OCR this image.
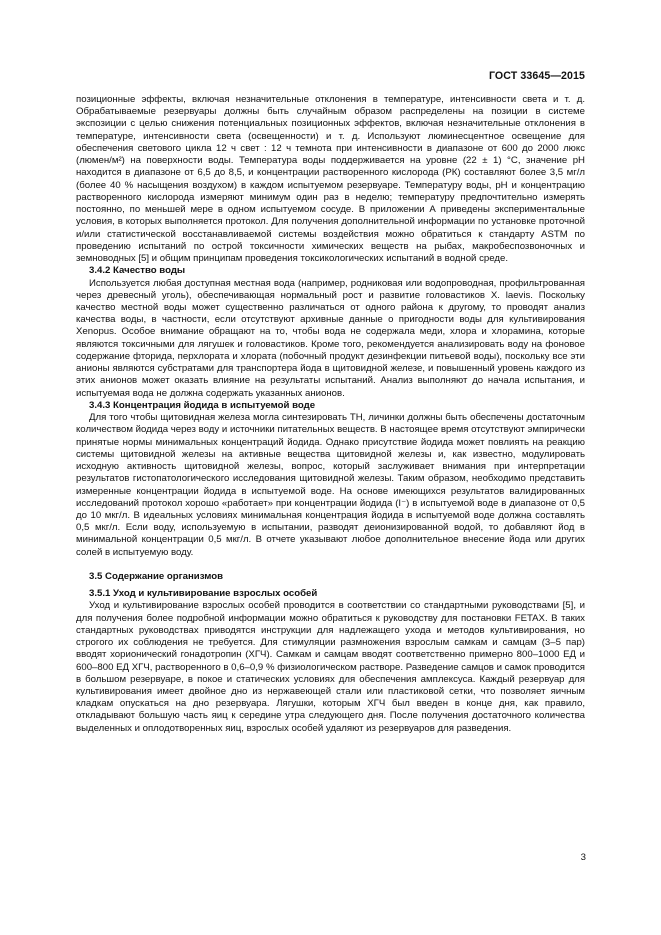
ГОСТ 33645—2015

позиционные эффекты, включая незначительные отклонения в температуре, интенсивности света и т. д. Обрабатываемые резервуары должны быть случайным образом распределены на позиции в системе экспозиции с целью снижения потенциальных позиционных эффектов, включая незначительные отклонения в температуре, интенсивности света (освещенности) и т. д. Используют люминесцентное освещение для обеспечения светового цикла 12 ч свет : 12 ч темнота при интенсивности в диапазоне от 600 до 2000 люкс (люмен/м²) на поверхности воды. Температура воды поддерживается на уровне (22 ± 1) °С, значение pH находится в диапазоне от 6,5 до 8,5, и концентрации растворенного кислорода (РК) составляют более 3,5 мг/л (более 40 % насыщения воздухом) в каждом испытуемом резервуаре. Температуру воды, pH и концентрацию растворенного кислорода измеряют минимум один раз в неделю; температуру предпочтительно измерять постоянно, по меньшей мере в одном испытуемом сосуде. В приложении А приведены экспериментальные условия, в которых выполняется протокол. Для получения дополнительной информации по установке проточной и/или статистической восстанавливаемой системы воздействия можно обратиться к стандарту ASTM по проведению испытаний по острой токсичности химических веществ на рыбах, макробеспозвоночных и земноводных [5] и общим принципам проведения токсикологических испытаний в водной среде.

3.4.2 Качество воды

Используется любая доступная местная вода (например, родниковая или водопроводная, профильтрованная через древесный уголь), обеспечивающая нормальный рост и развитие головастиков X. laevis. Поскольку качество местной воды может существенно различаться от одного района к другому, то проводят анализ качества воды, в частности, если отсутствуют архивные данные о пригодности воды для культивирования Xenopus. Особое внимание обращают на то, чтобы вода не содержала меди, хлора и хлорамина, которые являются токсичными для лягушек и головастиков. Кроме того, рекомендуется анализировать воду на фоновое содержание фторида, перхлората и хлората (побочный продукт дезинфекции питьевой воды), поскольку все эти анионы являются субстратами для транспортера йода в щитовидной железе, и повышенный уровень каждого из этих анионов может оказать влияние на результаты испытаний. Анализ выполняют до начала испытания, и испытуемая вода не должна содержать указанных анионов.

3.4.3 Концентрация йодида в испытуемой воде

Для того чтобы щитовидная железа могла синтезировать ТН, личинки должны быть обеспечены достаточным количеством йодида через воду и источники питательных веществ. В настоящее время отсутствуют эмпирически принятые нормы минимальных концентраций йодида. Однако присутствие йодида может повлиять на реакцию системы щитовидной железы на активные вещества щитовидной железы и, как известно, модулировать исходную активность щитовидной железы, вопрос, который заслуживает внимания при интерпретации результатов гистопатологического исследования щитовидной железы. Таким образом, необходимо представить измеренные концентрации йодида в испытуемой воде. На основе имеющихся результатов валидированных исследований протокол хорошо «работает» при концентрации йодида (I⁻) в испытуемой воде в диапазоне от 0,5 до 10 мкг/л. В идеальных условиях минимальная концентрация йодида в испытуемой воде должна составлять 0,5 мкг/л. Если воду, используемую в испытании, разводят деионизированной водой, то добавляют йод в минимальной концентрации 0,5 мкг/л. В отчете указывают любое дополнительное внесение йода или других солей в испытуемую воду.

3.5 Содержание организмов
3.5.1 Уход и культивирование взрослых особей

Уход и культивирование взрослых особей проводится в соответствии со стандартными руководствами [5], и для получения более подробной информации можно обратиться к руководству для постановки FETAX. В таких стандартных руководствах приводятся инструкции для надлежащего ухода и методов культивирования, но строгого их соблюдения не требуется. Для стимуляции размножения взрослым самкам и самцам (3–5 пар) вводят хорионический гонадотропин (ХГЧ). Самкам и самцам вводят соответственно примерно 800–1000 ЕД и 600–800 ЕД ХГЧ, растворенного в 0,6–0,9 % физиологическом растворе. Разведение самцов и самок проводится в большом резервуаре, в покое и статических условиях для обеспечения амплексуса. Каждый резервуар для культивирования имеет двойное дно из нержавеющей стали или пластиковой сетки, что позволяет яичным кладкам опускаться на дно резервуара. Лягушки, которым ХГЧ был введен в конце дня, как правило, откладывают большую часть яиц к середине утра следующего дня. После получения достаточного количества выделенных и оплодотворенных яиц, взрослых особей удаляют из резервуаров для разведения.

3
